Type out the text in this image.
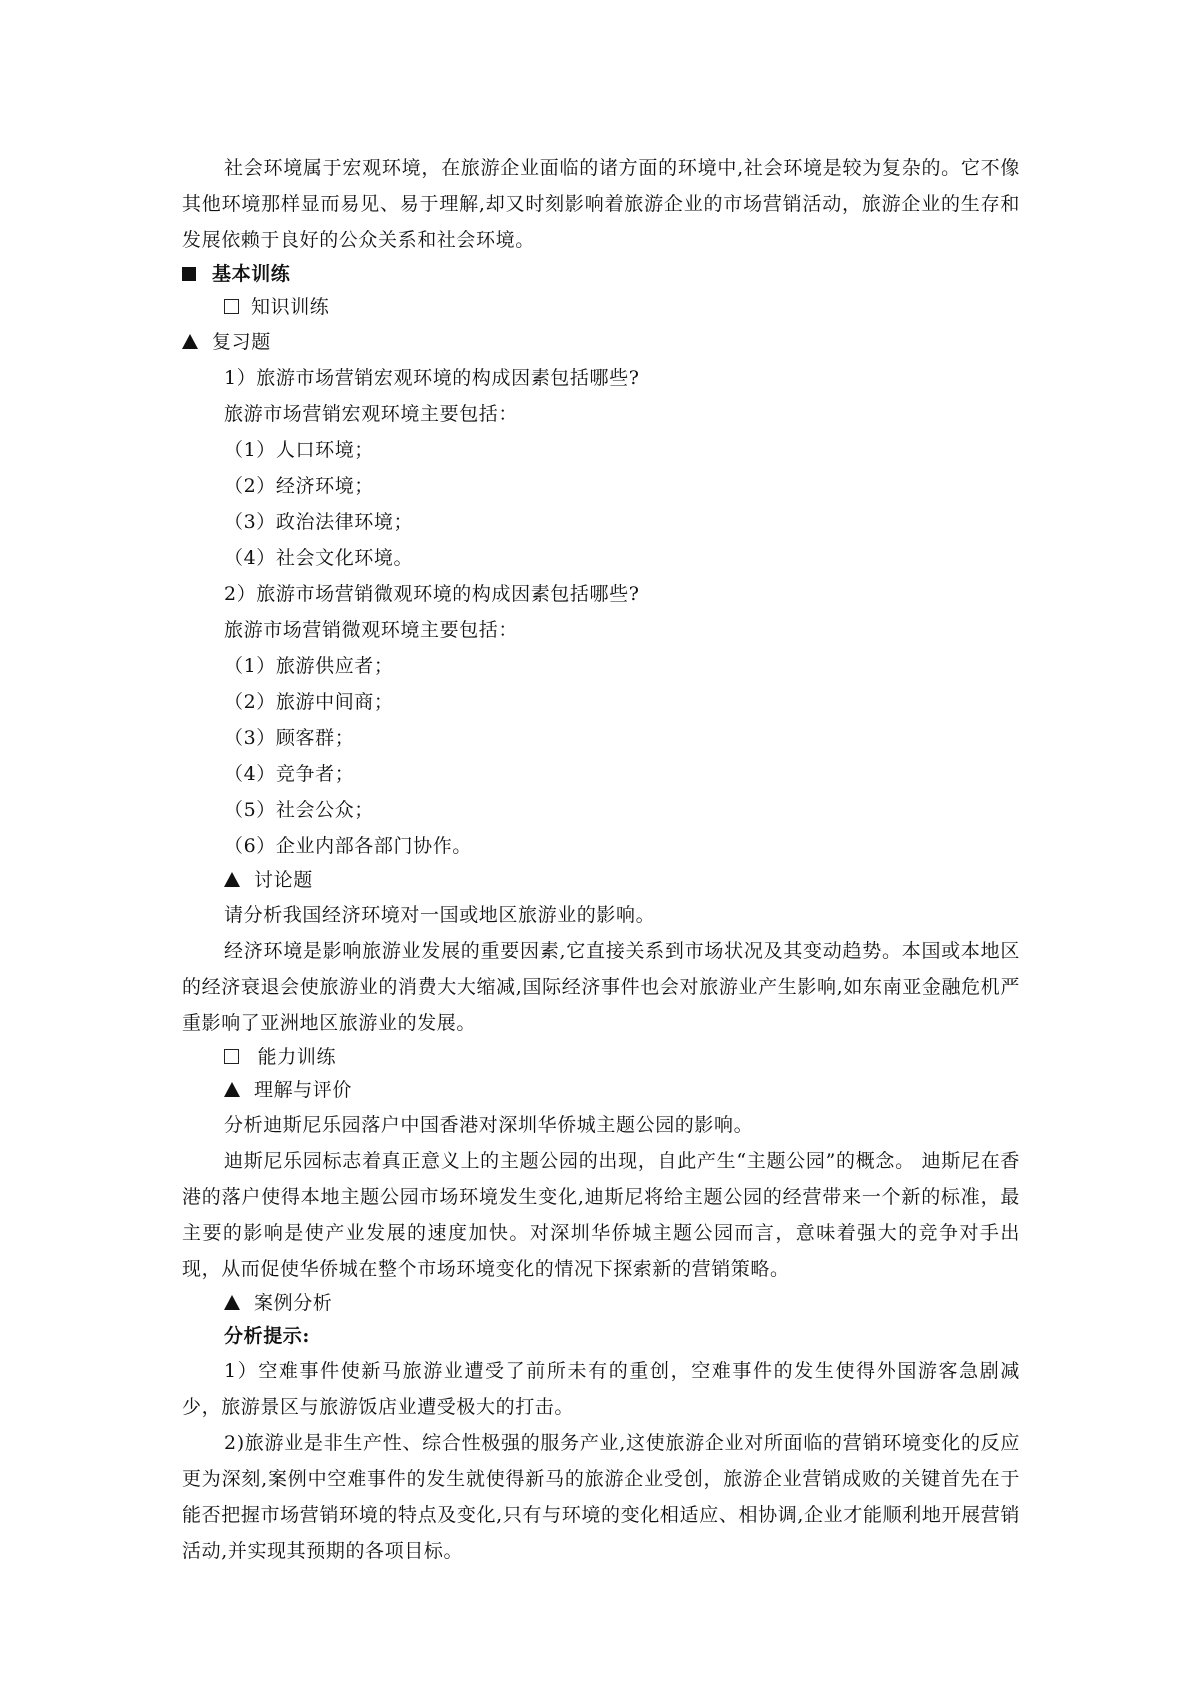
社会环境属于宏观环境，在旅游企业面临的诸方面的环境中,社会环境是较为复杂的。它不像其他环境那样显而易见、易于理解,却又时刻影响着旅游企业的市场营销活动，旅游企业的生存和发展依赖于良好的公众关系和社会环境。

基本训练
知识训练
复习题

1）旅游市场营销宏观环境的构成因素包括哪些?

旅游市场营销宏观环境主要包括：

（1）人口环境；

（2）经济环境；

（3）政治法律环境；

（4）社会文化环境。

2）旅游市场营销微观环境的构成因素包括哪些?

旅游市场营销微观环境主要包括：

（1）旅游供应者；

（2）旅游中间商；

（3）顾客群；

（4）竞争者；

（5）社会公众；

（6）企业内部各部门协作。

讨论题

请分析我国经济环境对一国或地区旅游业的影响。

经济环境是影响旅游业发展的重要因素,它直接关系到市场状况及其变动趋势。本国或本地区的经济衰退会使旅游业的消费大大缩减,国际经济事件也会对旅游业产生影响,如东南亚金融危机严重影响了亚洲地区旅游业的发展。

能力训练
理解与评价

分析迪斯尼乐园落户中国香港对深圳华侨城主题公园的影响。

迪斯尼乐园标志着真正意义上的主题公园的出现，自此产生“主题公园”的概念。 迪斯尼在香港的落户使得本地主题公园市场环境发生变化,迪斯尼将给主题公园的经营带来一个新的标准，最主要的影响是使产业发展的速度加快。对深圳华侨城主题公园而言，意味着强大的竞争对手出现，从而促使华侨城在整个市场环境变化的情况下探索新的营销策略。

案例分析

分析提示:

1）空难事件使新马旅游业遭受了前所未有的重创，空难事件的发生使得外国游客急剧减少，旅游景区与旅游饭店业遭受极大的打击。

2)旅游业是非生产性、综合性极强的服务产业,这使旅游企业对所面临的营销环境变化的反应更为深刻,案例中空难事件的发生就使得新马的旅游企业受创，旅游企业营销成败的关键首先在于能否把握市场营销环境的特点及变化,只有与环境的变化相适应、相协调,企业才能顺利地开展营销活动,并实现其预期的各项目标。
